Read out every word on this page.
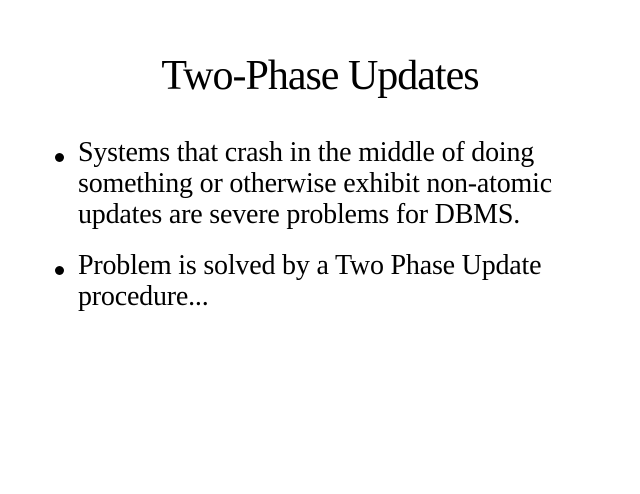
Two-Phase Updates
Systems that crash in the middle of doing
something or otherwise exhibit non-atomic
updates are severe problems for DBMS.
Problem is solved by a Two Phase Update
procedure...
